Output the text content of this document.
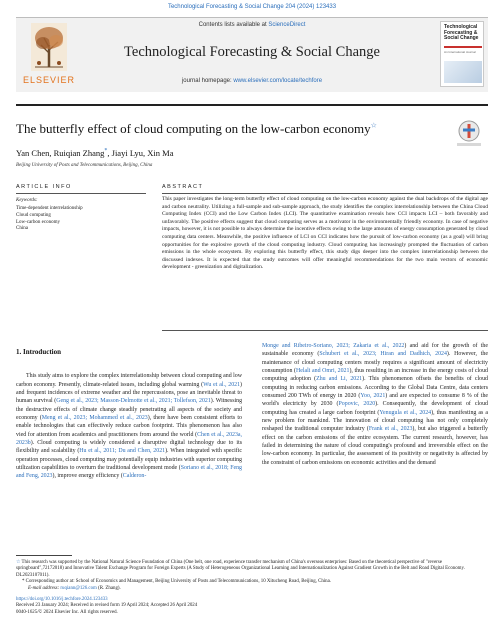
Technological Forecasting & Social Change 204 (2024) 123433
ELSEVIER
Contents lists available at ScienceDirect
Technological Forecasting & Social Change
journal homepage: www.elsevier.com/locate/techfore
Technological Forecasting & Social Change
An International Journal
The butterfly effect of cloud computing on the low-carbon economy☆
Yan Chen, Ruiqian Zhang*, Jiayi Lyu, Xin Ma
Beijing University of Posts and Telecommunications, Beijing, China
ARTICLE INFO	ABSTRACT
Keywords:
Time-dependent interrelationship
Cloud computing
Low-carbon economy
China
This paper investigates the long-term butterfly effect of cloud computing on the low-carbon economy against the dual backdrops of the digital age and carbon neutrality. Utilizing a full-sample and sub-sample approach, the study identifies the complex interrelationship between the China Cloud Computing Index (CCI) and the Low Carbon Index (LCI). The quantitative examination reveals how CCI impacts LCI – both favorably and unfavorably. The positive effects suggest that cloud computing serves as a motivator in the environmentally friendly economy. In case of negative impacts, however, it is not possible to always determine the incentive effects owing to the large amounts of energy consumption generated by cloud computing data centers. Meanwhile, the positive influence of LCI on CCI indicates how the pursuit of low-carbon economy (as a goal) will bring opportunities for the explosive growth of the cloud computing industry. Cloud computing has increasingly prompted the fluctuation of carbon emissions in the whole ecosystem. By exploring this butterfly effect, this study digs deeper into the complex interrelationship between the discussed indexes. It is expected that the study outcomes will offer meaningful recommendations for the two main vectors of economic development - greenization and digitalization.
1. Introduction

This study aims to explore the complex interrelationship between cloud computing and low carbon economy. Presently, climate-related issues, including global warming (Wu et al., 2021) and frequent incidences of extreme weather and the repercussions, pose an inevitable threat to human survival (Geng et al., 2023; Masson-Delmotte et al., 2021; Tollefson, 2021). Witnessing the destructive effects of climate change steadily penetrating all aspects of the society and economy (Meng et al., 2023; Mohammed et al., 2023), there have been consistent efforts to enable technologies that can effectively reduce carbon footprint. This phenomenon has also vied for attention from academics and practitioners from around the world (Chen et al., 2023a, 2023b). Cloud computing is widely considered a disruptive digital technology due to its flexibility and scalability (Hu et al., 2011; Du and Chen, 2021). When integrated with specific operation processes, cloud computing may potentially equip industries with superior computing utilization capabilities to overturn the traditional development mode (Soriano et al., 2018; Feng and Feng, 2023), improve energy efficiency (Calderon-

Monge and Ribeiro-Soriano, 2023; Zakaria et al., 2022) and aid for the growth of the sustainable economy (Schubert et al., 2023; Hiran and Dadhich, 2024). However, the maintenance of cloud computing centers mostly requires a significant amount of electricity consumption (Helali and Omri, 2021), thus resulting in an increase in the energy costs of cloud computing adoption (Zhu and Li, 2021). This phenomenon offsets the benefits of cloud computing in reducing carbon emissions. According to the Global Data Centre, data centers consumed 200 TWh of energy in 2020 (Yoo, 2021) and are expected to consume 8 % of the world's electricity by 2030 (Popovic, 2020). Consequently, the development of cloud computing has created a large carbon footprint (Yenugula et al., 2024), thus manifesting as a new problem for mankind. The innovation of cloud computing has not only completely reshaped the traditional computer industry (Frank et al., 2023), but also triggered a butterfly effect on the carbon emissions of the entire ecosystem. The current research, however, has failed in determining the nature of cloud computing's profound and irreversible effect on the low-carbon economy. In particular, the assessment of its positivity or negativity is affected by the constraint of carbon emissions on economic activities and the demand

☆ This research was supported by the National Natural Science Foundation of China (One belt, one road, experience transfer mechanism of China's overseas enterprises: Based on the theoretical perspective of "reverse springboard",72172018) and Innovative Talent Exchange Program for Foreign Experts (A Study of Heterogeneous Organizational Learning and Internationalization Against Gradient Growth in the Belt and Road Digital Economy. DL2023107011).
* Corresponding author at: School of Economics and Management, Beijing University of Posts and Telecommunications, 10 Xitucheng Road, Beijing, China.
E-mail address: ruqiann@126.com (R. Zhang).
https://doi.org/10.1016/j.techfore.2024.123433
Received 23 January 2024; Received in revised form 19 April 2024; Accepted 26 April 2024
0040-1625/© 2024 Elsevier Inc. All rights reserved.
